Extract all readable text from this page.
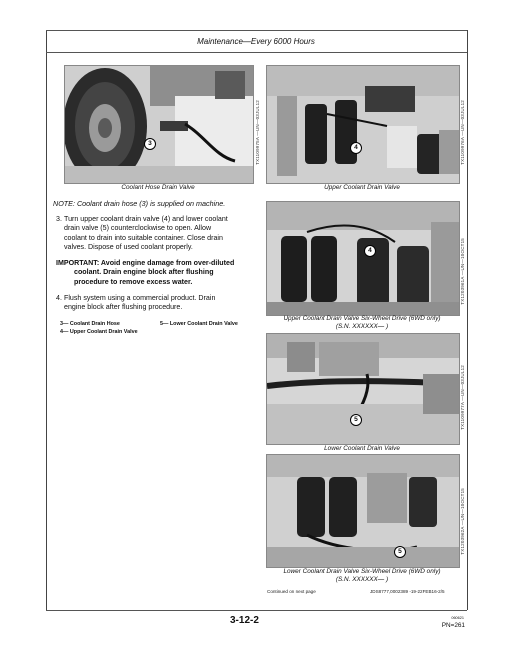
Maintenance—Every 6000 Hours
3	TX1109975A —UN—03JUL12
Coolant Hose Drain Valve
4	TX1109976A —UN—03JUL12
Upper Coolant Drain Valve
NOTE: Coolant drain hose (3) is supplied on machine.
3. Turn upper coolant drain valve (4) and lower coolant
drain valve (5) counterclockwise to open. Allow
coolant to drain into suitable container. Close drain
valves. Dispose of used coolant properly.
IMPORTANT: Avoid engine damage from over-diluted
coolant. Drain engine block after flushing
procedure to remove excess water.
4. Flush system using a commercial product. Drain
engine block after flushing procedure.
3— Coolant Drain Hose	5— Lower Coolant Drain Valve
4— Upper Coolant Drain Valve
4	TX1203961A —UN—10OCT15
Upper Coolant Drain Valve Six-Wheel Drive (6WD only)
(S.N. XXXXXX— )
5	TX1109977A —UN—03JUL12
Lower Coolant Drain Valve
5	TX1203962A —UN—10OCT15
Lower Coolant Drain Valve Six-Wheel Drive (6WD only)
(S.N. XXXXXX— )
Continued on next page	JDS8777,0002389 -19-22FEB16-2/5
3-12-2	060621
PN=261
